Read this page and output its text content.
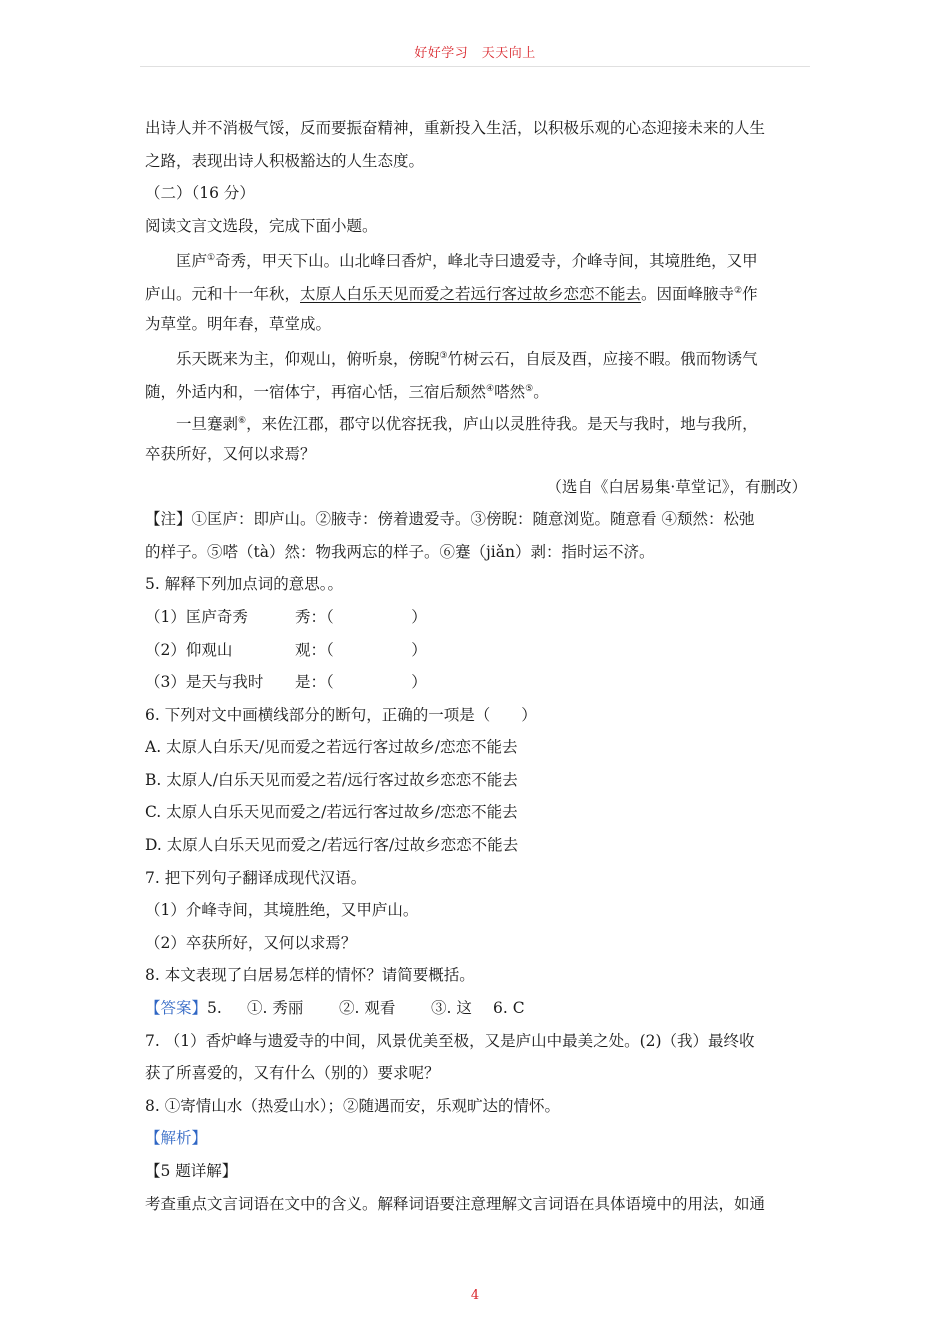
好好学习　天天向上
出诗人并不消极气馁，反而要振奋精神，重新投入生活，以积极乐观的心态迎接未来的人生
之路，表现出诗人积极豁达的人生态度。
（二）（16 分）
阅读文言文选段，完成下面小题。
匡庐①奇秀，甲天下山。山北峰曰香炉，峰北寺曰遗爱寺，介峰寺间，其境胜绝，又甲
庐山。元和十一年秋，太原人白乐天见而爱之若远行客过故乡恋恋不能去。因面峰腋寺②作
为草堂。明年春，草堂成。
乐天既来为主，仰观山，俯听泉，傍睨③竹树云石，自辰及酉，应接不暇。俄而物诱气
随，外适内和，一宿体宁，再宿心恬，三宿后颓然④嗒然⑤。
一旦蹇剥⑥，来佐江郡，郡守以优容抚我，庐山以灵胜待我。是天与我时，地与我所，
卒获所好，又何以求焉？
（选自《白居易集·草堂记》，有删改）
【注】①匡庐：即庐山。②腋寺：傍着遗爱寺。③傍睨：随意浏览。随意看 ④颓然：松弛
的样子。⑤嗒（tà）然：物我两忘的样子。⑥蹇（jiǎn）剥：指时运不济。
5. 解释下列加点词的意思。。
（1）匡庐奇秀	秀：（　　　　　）
（2）仰观山	观：（　　　　　）
（3）是天与我时 是：（　　　　　）
6. 下列对文中画横线部分的断句，正确的一项是（　　）
A. 太原人白乐天/见而爱之若远行客过故乡/恋恋不能去
B. 太原人/白乐天见而爱之若/远行客过故乡恋恋不能去
C. 太原人白乐天见而爱之/若远行客过故乡/恋恋不能去
D. 太原人白乐天见而爱之/若远行客/过故乡恋恋不能去
7. 把下列句子翻译成现代汉语。
（1）介峰寺间，其境胜绝，又甲庐山。
（2）卒获所好，又何以求焉？
8. 本文表现了白居易怎样的情怀？请简要概括。
【答案】5. ①. 秀丽 ②. 观看 ③. 这 6. C
7. （1）香炉峰与遗爱寺的中间，风景优美至极，又是庐山中最美之处。(2)（我）最终收
获了所喜爱的，又有什么（别的）要求呢？
8. ①寄情山水（热爱山水）；②随遇而安，乐观旷达的情怀。
【解析】
【5 题详解】
考查重点文言词语在文中的含义。解释词语要注意理解文言词语在具体语境中的用法，如通
4
